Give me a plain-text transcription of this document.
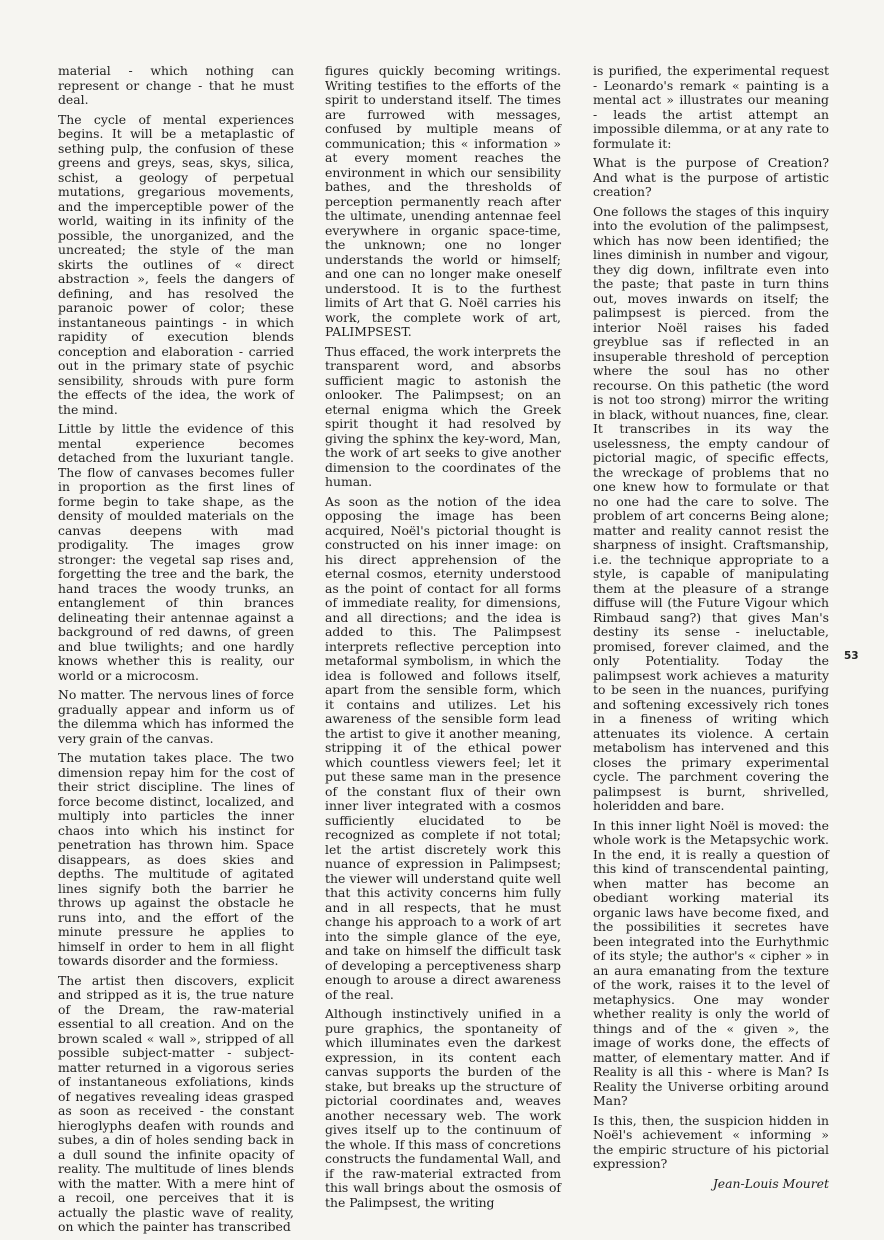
material - which nothing can represent or change - that he must deal.

The cycle of mental experiences begins. It will be a metaplastic of sething pulp, the confusion of these greens and greys, seas, skys, silica, schist, a geology of perpetual mutations, gregarious movements, and the imperceptible power of the world, waiting in its infinity of the possible, the unorganized, and the uncreated; the style of the man skirts the outlines of « direct abstraction », feels the dangers of defining, and has resolved the paranoic power of color; these instantaneous paintings - in which rapidity of execution blends conception and elaboration - carried out in the primary state of psychic sensibility, shrouds with pure form the effects of the idea, the work of the mind.

Little by little the evidence of this mental experience becomes detached from the luxuriant tangle. The flow of canvases becomes fuller in proportion as the first lines of forme begin to take shape, as the density of moulded materials on the canvas deepens with mad prodigality. The images grow stronger: the vegetal sap rises and, forgetting the tree and the bark, the hand traces the woody trunks, an entanglement of thin brances delineating their antennae against a background of red dawns, of green and blue twilights; and one hardly knows whether this is reality, our world or a microcosm.

No matter. The nervous lines of force gradually appear and inform us of the dilemma which has informed the very grain of the canvas.

The mutation takes place. The two dimension repay him for the cost of their strict discipline. The lines of force become distinct, localized, and multiply into particles the inner chaos into which his instinct for penetration has thrown him. Space disappears, as does skies and depths. The multitude of agitated lines signify both the barrier he throws up against the obstacle he runs into, and the effort of the minute pressure he applies to himself in order to hem in all flight towards disorder and the formiess.

The artist then discovers, explicit and stripped as it is, the true nature of the Dream, the raw-material essential to all creation. And on the brown scaled « wall », stripped of all possible subject-matter - subject-matter returned in a vigorous series of instantaneous exfoliations, kinds of negatives revealing ideas grasped as soon as received - the constant hieroglyphs deafen with rounds and subes, a din of holes sending back in a dull sound the infinite opacity of reality. The multitude of lines blends with the matter. With a mere hint of a recoil, one perceives that it is actually the plastic wave of reality, on which the painter has transcribed

figures quickly becoming writings. Writing testifies to the efforts of the spirit to understand itself. The times are furrowed with messages, confused by multiple means of communication; this « information » at every moment reaches the environment in which our sensibility bathes, and the thresholds of perception permanently reach after the ultimate, unending antennae feel everywhere in organic space-time, the unknown; one no longer understands the world or himself; and one can no longer make oneself understood. It is to the furthest limits of Art that G. Noël carries his work, the complete work of art, PALIMPSEST.

Thus effaced, the work interprets the transparent word, and absorbs sufficient magic to astonish the onlooker. The Palimpsest; on an eternal enigma which the Greek spirit thought it had resolved by giving the sphinx the key-word, Man, the work of art seeks to give another dimension to the coordinates of the human.

As soon as the notion of the idea opposing the image has been acquired, Noël's pictorial thought is constructed on his inner image: on his direct apprehension of the eternal cosmos, eternity understood as the point of contact for all forms of immediate reality, for dimensions, and all directions; and the idea is added to this. The Palimpsest interprets reflective perception into metaformal symbolism, in which the idea is followed and follows itself, apart from the sensible form, which it contains and utilizes. Let his awareness of the sensible form lead the artist to give it another meaning, stripping it of the ethical power which countless viewers feel; let it put these same man in the presence of the constant flux of their own inner liver integrated with a cosmos sufficiently elucidated to be recognized as complete if not total; let the artist discretely work this nuance of expression in Palimpsest; the viewer will understand quite well that this activity concerns him fully and in all respects, that he must change his approach to a work of art into the simple glance of the eye, and take on himself the difficult task of developing a perceptiveness sharp enough to arouse a direct awareness of the real.

Although instinctively unified in a pure graphics, the spontaneity of which illuminates even the darkest expression, in its content each canvas supports the burden of the stake, but breaks up the structure of pictorial coordinates and, weaves another necessary web. The work gives itself up to the continuum of the whole. If this mass of concretions constructs the fundamental Wall, and if the raw-material extracted from this wall brings about the osmosis of the Palimpsest, the writing

is purified, the experimental request - Leonardo's remark « painting is a mental act » illustrates our meaning - leads the artist attempt an impossible dilemma, or at any rate to formulate it:

What is the purpose of Creation? And what is the purpose of artistic creation?

One follows the stages of this inquiry into the evolution of the palimpsest, which has now been identified; the lines diminish in number and vigour, they dig down, infiltrate even into the paste; that paste in turn thins out, moves inwards on itself; the palimpsest is pierced. from the interior Noël raises his faded greyblue sas if reflected in an insuperable threshold of perception where the soul has no other recourse. On this pathetic (the word is not too strong) mirror the writing in black, without nuances, fine, clear. It transcribes in its way the uselessness, the empty candour of pictorial magic, of specific effects, the wreckage of problems that no one knew how to formulate or that no one had the care to solve. The problem of art concerns Being alone; matter and reality cannot resist the sharpness of insight. Craftsmanship, i.e. the technique appropriate to a style, is capable of manipulating them at the pleasure of a strange diffuse will (the Future Vigour which Rimbaud sang?) that gives Man's destiny its sense - ineluctable, promised, forever claimed, and the only Potentiality. Today the palimpsest work achieves a maturity to be seen in the nuances, purifying and softening excessively rich tones in a fineness of writing which attenuates its violence. A certain metabolism has intervened and this closes the primary experimental cycle. The parchment covering the palimpsest is burnt, shrivelled, holeridden and bare.

In this inner light Noël is moved: the whole work is the Metapsychic work. In the end, it is really a question of this kind of transcendental painting, when matter has become an obediant working material its organic laws have become fixed, and the possibilities it secretes have been integrated into the Eurhythmic of its style; the author's « cipher » in an aura emanating from the texture of the work, raises it to the level of metaphysics. One may wonder whether reality is only the world of things and of the « given », the image of works done, the effects of matter, of elementary matter. And if Reality is all this - where is Man? Is Reality the Universe orbiting around Man?

Is this, then, the suspicion hidden in Noël's achievement « informing » the empiric structure of his pictorial expression?

Jean-Louis Mouret

53
